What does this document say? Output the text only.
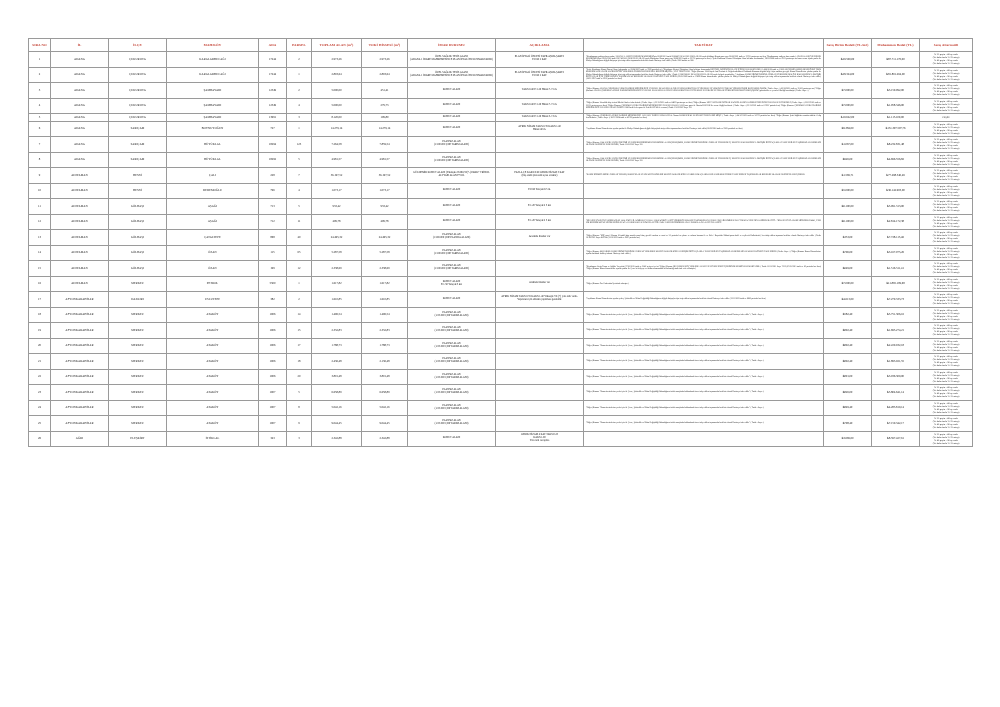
SIRA NO	İL	İLÇE	MAH/KÖY	ADA	PARSEL	TOPLAM ALAN (m²)	TOKİ HİSSESİ (m²)	İMAR DURUMU	AÇIKLAMA	TAKYİDAT	Satış Birim Bedeli (TL/m2)	Muhammen Bedel (TL)	Satış Alternatifi
1	ADANA	ÇUKUROVA	KARALARBUCAĞI	17244	2	2.973,26	2.973,26	ÖZEL SAĞLIK TESİS ALANI
(ADANA 1 İDARE MAHKEMESİNCE PLAN İPTALİ BULUNMAKTADIR)	PLAN İPTALİ ÖNCESİ YAPILAŞMA ŞARTI:
E:0.90 2 KAT	*Kısıtlamanın vadiyon kara vardır ( ADANA 3. ASLİYE HUKUK MAHKEMESİ'nin 28/09/2021 tarih 2018/467 ESAS 2021/326 K.AR.AR sayılı bildirimi Kamri parsı yazı 20/06/2021 tarih ve 22755 protocaya no iken *Kısıtlamanın vadiyon kara vardır ( ADANA 4.ASLİYE HUKUK MAHKEMESİ'nin 19/05/2018 tarih 2017/4.ESAS 2018/235 K.AR.AR sayılı Makkesine Karar parsı yazı 30/06/2021 tarih ve 22753 protocaya no iken) *Şerh Kısıtlama: Kentsel Dönüşüm Alanı belirtme konusunda ( 28/01/2008 tarih ve 0531 protocaya no karar verme içinde parlar ile Maliye Bakanlığınca değişik ihtiyaçar için tesip edilen taşınmazlar bedelsiz olarak Hazineye iade edilir.) Tarih: 2002 tarihte no 386.	₺29.500,00	₺87.711.170,00	% 25 peşin - 48 ay vade
(Ve daha fazla % 25 artışı)
% 40 peşin - 36 ay vade
(Ve daha fazla % 15 artışı)
2	ADANA	ÇUKUROVA	KARALARBUCAĞI	17244	1	2.893,64	2.893,64	ÖZEL SAĞLIK TESİS ALANI
(ADANA 1 İDARE MAHKEMESİNCE PLAN İPTALİ BULUNMAKTADIR)	PLAN İPTALİ ÖNCESİ YAPILAŞMA ŞARTI:
E:0.90 2 KAT	*Şerh: Kısıtlama: Kamri Önemi Alanı (çalışmadır ve 05/04/2007 tarih ve 7628 protokol no) *Kısıtlama: Kentsel Dönüşüm Alanı belirtme konusunda KENTSEL DÖNÜŞÜM ALANI İÇİNDE KALMAKTADIR ( 14/06/2018 tarih ve 13805 GEÇERSİZ OLMUŞ BELEDİYESİ TESİS KORUNMASI'NA DAİR SAĞIRLIĞI'NIN YERLERDE ÖNEMLİ KONUSUNDA BELİRTİLMİŞTİR. ( 3'LÜ TERZİ 15201 *Diğer (Kurum: 1104 Sayılı Anıt Üretimi ve Değerlendirilmesi Hakkında Kanunun degiski bilgi i için mahkur gereçiye Kamu Hizmetlerine çıkıları şartlar ile Maliye Bakanlığınca değişik ihtiyaçar için tesip edilen taşınmazlar bedelsiz olarak Hazineye iade edilir. ) Tarih: 12/06/2300.01 ESAS 2018/235 K.AR.AR sayılı belgede protokoller. *Açıklama: KAMU HİZMETLERİNE AYRILAN YERLERDE MALİYE BAKANLIĞINCA DEĞİŞİK İHTİYAÇLAR İÇİN TAKİP EDİLEN TAŞINMAZLAR BEDELSİZ OLARAK HAZİNEYE İADE EDİLİR (29/05/2009 tarih ve 29699 Kamu hizmetlerine çıkıları şartlar ile Maliye Bakanlığınca değişik ihtiyaçar için tesip edilen taşınmazlar bedelsiz olarak Hazineye iade edilir.) (18/11/2017 tarih ve 3907 protokol no iken)	₺28.324,00	₺81.891.264,00	% 25 peşin - 48 ay vade
(Ve daha fazla % 25 artışı)
% 40 peşin - 36 ay vade
(Ve daha fazla % 15 artışı)
3	ADANA	ÇUKUROVA	ŞAMBAYADI	12549	2	5.000,00	451,41	KONUT ALANI	TAKS:0.40 E:1.20 Hmax:7->5 m.	*Diğer (Kurum: ADANA ÇUKUROVA VERGİ DAİRESİ MÜDÜRLÜĞÜ 27/09/2021 ESAS/109555 SAYILI YAZISI GEREĞİ HACZ YÜZ:MALİ 39 VERGİSİ VE TMGAK YÜKLERİ İLERİ KOYULMUŞ İŞLEM ( Tarih: -Sayı: -) 03/10/2021 tarih ve 35161 protocaya no) *Diğer (Kurum: ADANA ÇUKUROVA VERGİ DAİRESİ MÜDÜRLÜĞÜ 27/09/2021 ESAS/109555 SAYILI YAZISI GEREĞİ HACZ YÜZ:MALİ 39 VERGİSİ VE TMGAK YÜKLERİ İLERİ KOYULMUŞ İŞLEM ) protokoller ve çevresel ilkeliği haczilmişti ( Tarih: -Sayı: -)	₺7.000,00	₺3.159.992,00	% 25 peşin - 48 ay vade
(Ve daha fazla % 25 artışı)
% 40 peşin - 36 ay vade
(Ve daha fazla % 15 artışı)
4	ADANA	ÇUKUROVA	ŞAMBAYADI	12549	4	5.000,00	279,73	KONUT ALANI	TAKS:0.40 E:1.20 Hmax:7->5 m.	*Diğer (Kurum: Sözcülük köşe tesisal Mevkii lüzeleri olan lerinde ( Tarih: -Sayı: -) 23/11/2021 tarih ve 64623 protocaya no iken) *Diğer (Kurum: SEYCAN İDARE İSTİRAK SAĞLIĞI: KADIN SAĞIRLIĞI'NIN İSTEĞİ ADANA KAYIT BEDELİ ( Tarih: -Sayı: -) 23/07/2021 tarih ve 35151 protocaya no iken) *Diğer (Kurum: ÇUKUROVA VERGİ DAİRESİ MÜDÜRLÜĞÜ 29/10/2021 ESAS/5 5/552 hacz parsı ile Haznin KALTAK ile verme ilişiği kesilmesi. ( Tarih: -Sayı: -) 23/11/2021 tarih ve 6 9957 protokol no) *Diğer (Kurum: ÇUKUROVA VERGİ DAİRESİ MÜDÜRLÜĞÜ 31/10/2021 ESAS/0 TARİH 12/06 Kredi ilerler pasa ile Zebi KALTAK ile vermesi) Tarih: 15/02/2007 Sayı: 355	₺7.000,00	₺1.958.346,00	% 25 peşin - 48 ay vade
(Ve daha fazla % 25 artışı)
% 40 peşin - 36 ay vade
(Ve daha fazla % 15 artışı)
5	ADANA	ÇUKUROVA	ŞAMBAYADI	13991	3	8.120,00	109,80	KONUT ALANI	TAKS:0.40 E:1.20 Hmax:5->3 m.	*Diğer (Kurum: ÇUKUROVA VERGİ DAİRESİ MÜDÜRLÜĞÜ 11/11/2021 TARİH 155994 SAYI ile Nazım BARBAYRAK 38 SİYASET İLERİ GERİ MÜŞT. ( Tarih: -Sayı: -) 04/1/2/2021 tarih ve 50772 protokol no iken) *Diğer (Kurum: Şerit Sağlıkları sanaları tahlisi: Gelip lezzlilerinin. ( Tarih: -Sayı: -) 26/12/2024 tarih ve 42783 protokol no iken)	₺10.622,00	₺1.115.100,00	PEŞİN
6	ADANA	SARIÇAM	BOYNUYOĞUN	727	1	14.279,14	14.279,14	KONUT ALANI	AYRIK NİZAM TAKS:0.35 KAKS:1.40
Hmax:40 m.	*Açıklama: Kamu Hizmetlerine ayrılan şartlar ile Maliye Bakanlığınca değişik ihtiyaçlarla tesip edilen taşınmazların bedelsiz Hazineye iade edilir.(10/09/2016 tarih ve 9305 protokol no iken)	₺9.384,00	₺131.397.597,76	% 25 peşin - 48 ay vade
(Ve daha fazla % 25 artışı)
% 40 peşin - 36 ay vade
(Ve daha fazla % 15 artışı)
7	ADANA	SARIÇAM	BÜYÜKLAL	18294	123	7.264,58	7.859,54	PLANSIZ ALAN
(1/100.000 ÇDP TARIM ALANI)		*Diğer (Kurum: 1144 SAYILI ANITA ÜRETİMİ VE DEĞERLENDİRİLMESİ ÖZAMİZDE 4. GERÇEKLEŞMEK, KAMU HİZMETLERİNDE AYRILAN YERLERDE İÇ MALİYE BAKANLIĞINCA DEĞİŞİK İHTİYAÇLARLA TALEP EDİLEN TAŞINMAZLAR BEDELSİZ OLARAK HAZİNEYE İADE EDİLİR ( Tarih: 15/02/2007 Sayı: 355	₺1.067,00	₺8.232.831,48	% 25 peşin - 48 ay vade
(Ve daha fazla % 25 artışı)
% 40 peşin - 36 ay vade
(Ve daha fazla % 15 artışı)
8	ADANA	SARIÇAM	BÜYÜKLAL	18292	5	4.981,57	4.981,57	PLANSIZ ALAN
(1/100.000 ÇDP TARIM ALANI)		*Diğer (Kurum: 1144 SAYILI ANITA ÜRETİMİ VE DEĞERLENDİRİLMESİ ÖZAMİZDE 4. GERÇEKLEŞMEK, KAMU HİZMETLERİNDE AYRILAN YERLERDE İÇ MALİYE BAKANLIĞINCA DEĞİŞİK İHTİYAÇLARLA TALEP EDİLEN TAŞINMAZLAR BEDELSİZ OLARAK HAZİNEYE İADE EDİLİR ( Tarih: 15/02/2007 Sayı: 355	₺926,00	₺4.696.556,82	% 25 peşin - 48 ay vade
(Ve daha fazla % 25 artışı)
% 40 peşin - 36 ay vade
(Ve daha fazla % 15 artışı)
9	ADIYAMAN	BESNİ	ÇALI	228	7	36.197,52	36.197,52	GÜLDEMİR KONUT ALANI (Yaklaşık 23.660,33(+-) PARK+ TRİNOL ALTYAPI ALANI+YOL	FAZLA ÇE KAKS:0.90 AYRIK NİZAM 3 KAT
(Dış edebi plan sahi açası ortaktır)	*KAMU HİZMETLERİNE AYRILAN YERLER, KORUCULAR VE SİLAHI TRAFİKLERİ MALİYE BAKANLIĞINCA FARKLI AMAÇLARDA KULLANILMAK ÜZERE TALEP EDİLEN TAŞINMAZLAR BEDELSİZ OLARAK HAZİNEYE GERİ ÇIRILIR.	₺1.569,71	₺77.298.540,49	% 25 peşin - 48 ay vade
(Ve daha fazla % 25 artışı)
% 40 peşin - 36 ay vade
(Ve daha fazla % 15 artışı)
10	ADIYAMAN	BESNİ	DEDEMOĞLU	796	4	1.073,17	1.073,17	KONUT ALANI	E:0.90 Yençok:9.5 m.		₺5.000,00	₺36.142.903,00	% 25 peşin - 48 ay vade
(Ve daha fazla % 25 artışı)
% 40 peşin - 36 ay vade
(Ve daha fazla % 15 artışı)
11	ADIYAMAN	GÖLBAŞI	AŞAĞI	713	5	933,42	933,42	KONUT ALANI	E:1.20 Yençok:2 3 kat		₺6.100,00	₺5.991.313,00	% 25 peşin - 48 ay vade
(Ve daha fazla % 25 artışı)
% 40 peşin - 36 ay vade
(Ve daha fazla % 15 artışı)
12	ADIYAMAN	GÖLBAŞI	AŞAĞI	712	11	409,78	409,78	KONUT ALANI	E:1.20 Yençok:2 3 kat	*BİCAZIN UYAZCIN TASINMAZDAN 1414: 9 MÜ 2.İL AZMRALICI 1 BAG. 3/08.SAĞIRVİ İ. GETİ YÜKREK'İN JORASIN TASINMAZDAN 13938/3.7.902 LİK KİMRE KAYACT MAHACI PEL'NIN SAHİPPLER GİTTİ - *BİAGE UYUYLARAKI SİPİRPERS II 4641,17 M3 LİK KENDİMAKTAN SİSTEK EDİNE 69 AĞA 1 PARSEL 6621 SAYIWAYA GETTİL 2349: 13 M2 LİK İZMİRLER ADA 2 PARSEL ek İLA GAYTAYLA GİPTİ	₺6.100,00	₺2.814.172,38	% 25 peşin - 48 ay vade
(Ve daha fazla % 25 artışı)
% 40 peşin - 36 ay vade
(Ve daha fazla % 15 artışı)
13	ADIYAMAN	GÖLBAŞI	ÇATALTEPE	868	40	24.495,32	24.495,32	PLANSIZ ALAN
(1/100.000 ÇDP PLANDA ALANI)	Arazinde hissiler var	*Diğer (Kurum: "MİÇ arazi / Kurum 10 tarihli tüm arazide sanal tüm, gerekli esasları ve arazi ve 3.5 protokol no çıkan. ve onların kuruma ile ve Belo / Başvuluk: Mahati parsa balel ve seçilecek Kullarlarak ( kez takip edilen taşınmaz bedeline olarak Hazineye iade edilir. ) Tarih: 10/10/2022 Sayı: 40/9744 (31/10/2022 tarih ve 9097 protokol no)	₺353,00	₺7.728.115,46	% 25 peşin - 48 ay vade
(Ve daha fazla % 25 artışı)
% 40 peşin - 36 ay vade
(Ve daha fazla % 15 artışı)
14	ADIYAMAN	GÖLBAŞI	ÖZAN	115	65	5.287,58	5.287,58	PLANSIZ ALAN
(1/100.000 ÇDP TARIM ALANI)		*Diğer (Kurum: 865 PARSEL KAMU HİZMETLERİNDE AYRILAN YERLERDE MALİYE BAKANLIĞINCA DEĞİŞİK İHTİYAÇLARLA TALEP EDİLEN TAŞINMAZLAR BEDELSİZ OLARAK HAZİNEYE İADE EDİLİR ( Tarih: -Sayı: -) *Diğer (Kurum: Kamu Hizmetlerine ayrılan tarihinde balikeyi abante Hazineye iade edilir.)	₺706,00	₺3.167.075,26	% 25 peşin - 48 ay vade
(Ve daha fazla % 25 artışı)
% 40 peşin - 36 ay vade
(Ve daha fazla % 15 artışı)
15	ADIYAMAN	GÖLBAŞI	ÖZAN	199	12	2.338,69	2.338,69	PLANSIZ ALAN
(1/100.000 ÇDP TARIM ALANI)		*Kısıtlaması Geniş Tarım ve Sağlık: Var şehir (27/05/2015 tarih ve 2642 seviyesi ve iat *Diğer (Kurum: BU PARSEL KÖY YERLEDE ALANI VE UYUMU ENDÜ İÇERİSİNDE KESKİN KALMAKTADIR. ( Tarih: 18/11/2011 Sayı: 7222 (07/05/2015 tarih ve 62 protokol no iken) *Diğer (Kurum: Kamu hizmetlerine ayrılan şartlar ile Çevre belediyeye ve iddam almasındaki ait kalmadığı tarih iade sele edilmiştir.)	₺649,00	₺1.516.511,41	% 25 peşin - 48 ay vade
(Ve daha fazla % 25 artışı)
% 40 peşin - 36 ay vade
(Ve daha fazla % 15 artışı)
16	ADIYAMAN	MERKEZ	PETROL	5300	1	1.617,82	1.617,82	KONUT ALANI
E:1.50 Yençok:3 kat	Arzünde hissiler var	*Diğer (Kurum: Özel Adresinin İçerisinde almıştır.)	₺7.000,00	₺11.865.199,68	% 25 peşin - 48 ay vade
(Ve daha fazla % 25 artışı)
% 40 peşin - 36 ay vade
(Ve daha fazla % 15 artışı)
17	AFYONKARAHİSAR	DAZKIRI	USLUTEPE	382	2	1.610,85	1.610,85	KONUT ALANI	AYRIK NİZAM TAKS:0.35 KAKS:1.40 Yükseyk 5'li (+) yola tatlı vardı-Yapılarıza için siltanin yapılması gerekldir.	*Açıklama: Kamu Hizmetlerine ayrılan yerler, Şehircilik ve İklim Değişikliği Bakanlığınca değişik ihtiyaçlar için tesip edilen taşınmazlar bedelsiz olarak Hazineye iade edilir. (12/11/2023 tarih ve 8803 protokol no iken)	₺4.613,00	₺7.270.333,73	% 25 peşin - 48 ay vade
(Ve daha fazla % 25 artışı)
% 40 peşin - 36 ay vade
(Ve daha fazla % 15 artışı)
18	AFYONKARAHİSAR	MERKEZ	ATAKÖY	1906	14	1.496,54	1.496,54	PLANSIZ ALAN
(1/25.000 ÇDP TARIM ALANI)		*Diğer (Kurum: "Kamu üzerinlerine yerler için ile Çevre, Şehircilik ve İklim Değişikliği Bakanlığınca farklı amaçlarda kullanılmak üzere talep edilen taşınmazlar bedelsiz olarak Hazineye iade edilir." ( Tarih: -Sayı: -)	₺582,40	₺5.751.306,16	% 25 peşin - 48 ay vade
(Ve daha fazla % 25 artışı)
% 40 peşin - 36 ay vade
(Ve daha fazla % 15 artışı)
19	AFYONKARAHİSAR	MERKEZ	ATAKÖY	1906	15	2.332,83	2.332,83	PLANSIZ ALAN
(1/25.000 ÇDP TARIM ALANI)		*Diğer (Kurum: "Kamu üzerinlerine yerler için ile Çevre, Şehircilik ve İklim Değişikliği Bakanlığınca farklı amaçlarda kullanılmak üzere talep edilen taşınmazlar bedelsiz olarak Hazineye iade edilir." ( Tarih: -Sayı: -)	₺802,40	₺1.695.274,21	% 25 peşin - 48 ay vade
(Ve daha fazla % 25 artışı)
% 40 peşin - 36 ay vade
(Ve daha fazla % 15 artışı)
20	AFYONKARAHİSAR	MERKEZ	ATAKÖY	1906	17	1.788,73	1.788,73	PLANSIZ ALAN
(1/25.000 ÇDP TARIM ALANI)		*Diğer (Kurum: "Kamu üzerinlerine yerler için ile Çevre, Şehircilik ve İklim Değişikliği Bakanlığınca farklı amaçlarda kullanılmak üzere talep edilen taşınmazlar bedelsiz olarak Hazineye iade edilir." ( Tarih: -Sayı: -)	₺802,40	₺2.220.932,18	% 25 peşin - 48 ay vade
(Ve daha fazla % 25 artışı)
% 40 peşin - 36 ay vade
(Ve daha fazla % 15 artışı)
21	AFYONKARAHİSAR	MERKEZ	ATAKÖY	1906	18	2.436,48	2.136,48	PLANSIZ ALAN
(1/25.000 ÇDP TARIM ALANI)		*Diğer (Kurum: "Kamu üzerinlerine yerler için ile Çevre, Şehircilik ve İklim Değişikliği Bakanlığınca farklı amaçlarda kullanılmak üzere talep edilen taşınmazlar bedelsiz olarak Hazineye iade edilir." ( Tarih: -Sayı: -)	₺802,40	₺1.893.021,55	% 25 peşin - 48 ay vade
(Ve daha fazla % 25 artışı)
% 40 peşin - 36 ay vade
(Ve daha fazla % 15 artışı)
22	AFYONKARAHİSAR	MERKEZ	ATAKÖY	1906	20	3.801,48	3.801,48	PLANSIZ ALAN
(1/25.000 ÇDP TARIM ALANI)		*Diğer (Kurum: "Kamu üzerinlerine yerler için ile Çevre, Şehircilik ve İklim Değişikliği Bakanlığınca farklı amaçlarda kullanılmak üzere talep edilen taşınmazlar bedelsiz olarak Hazineye iade edilir." ( Tarih: -Sayı: -)	₺801,00	₺3.036.309,00	% 25 peşin - 48 ay vade
(Ve daha fazla % 25 artışı)
% 40 peşin - 36 ay vade
(Ve daha fazla % 15 artışı)
23	AFYONKARAHİSAR	MERKEZ	ATAKÖY	1907	5	6.658,89	6.658,89	PLANSIZ ALAN
(1/25.000 ÇDP TARIM ALANI)		*Diğer (Kurum: "Kamu üzerinlerine yerler için ile Çevre, Şehircilik ve İklim Değişikliği Bakanlığınca farklı amaçlarda kullanılmak üzere talep edilen taşınmazlar bedelsiz olarak Hazineye iade edilir." ( Tarih: -Sayı: -)	₺826,00	₺5.804.641,14	% 25 peşin - 48 ay vade
(Ve daha fazla % 25 artışı)
% 40 peşin - 36 ay vade
(Ve daha fazla % 15 artışı)
24	AFYONKARAHİSAR	MERKEZ	ATAKÖY	1907	8	5.042,16	5.042,16	PLANSIZ ALAN
(1/25.000 ÇDP TARIM ALANI)		*Diğer (Kurum: "Kamu üzerinlerine yerler için ile Çevre, Şehircilik ve İklim Değişikliği Bakanlığınca farklı amaçlarda kullanılmak üzere talep edilen taşınmazlar bedelsiz olarak Hazineye iade edilir." ( Tarih: -Sayı: -)	₺849,40	₺4.283.819,14	% 25 peşin - 48 ay vade
(Ve daha fazla % 25 artışı)
% 40 peşin - 36 ay vade
(Ve daha fazla % 15 artışı)
25	AFYONKARAHİSAR	MERKEZ	ATAKÖY	1907	9	9.044,45	9.044,45	PLANSIZ ALAN
(1/25.000 ÇDP TARIM ALANI)		*Diğer (Kurum: "Kamu üzerinlerine yerler için ile Çevre, Şehircilik ve İklim Değişikliği Bakanlığınca farklı amaçlarda kullanılmak üzere talep edilen taşınmazlar bedelsiz olarak Hazineye iade edilir." ( Tarih: -Sayı: -)	₺798,40	₺7.150.342,17	% 25 peşin - 48 ay vade
(Ve daha fazla % 25 artışı)
% 40 peşin - 36 ay vade
(Ve daha fazla % 15 artışı)
26	AĞRI	ELEŞKİRT	İSTİKLAL	343	3	2.342,88	2.342,88	KONUT ALANI	AYRIK NİZAM 4 KAT TAKS:0.25
KAKS:1.00
Yola tatlı cevaplıta		₺3.669,00	₺8.597.427,61	% 25 peşin - 48 ay vade
(Ve daha fazla % 25 artışı)
% 40 peşin - 36 ay vade
(Ve daha fazla % 15 artışı)
